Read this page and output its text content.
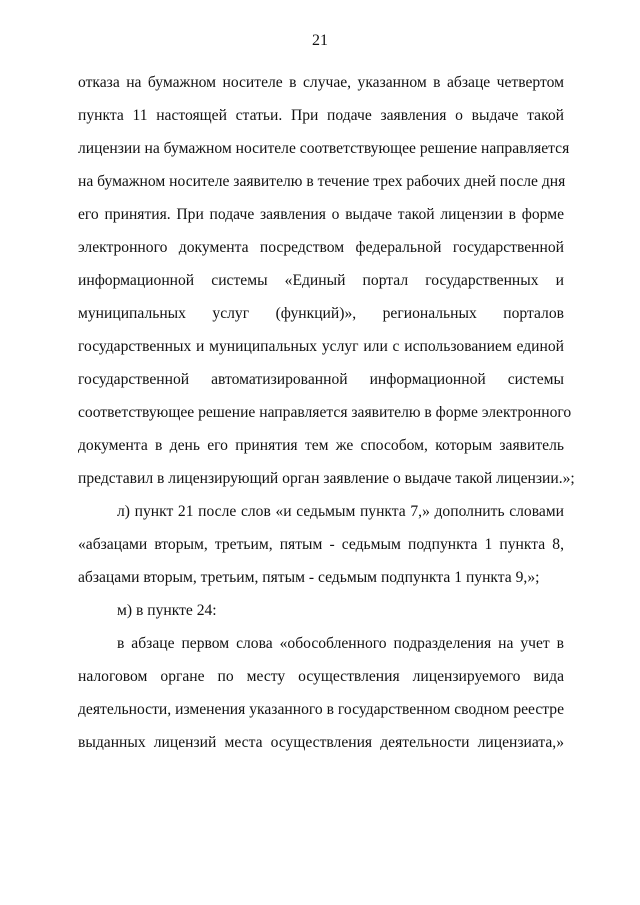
21
отказа на бумажном носителе в случае, указанном в абзаце четвертом
пункта 11 настоящей статьи. При подаче заявления о выдаче такой
лицензии на бумажном носителе соответствующее решение направляется
на бумажном носителе заявителю в течение трех рабочих дней после дня
его принятия. При подаче заявления о выдаче такой лицензии в форме
электронного документа посредством федеральной государственной
информационной системы «Единый портал государственных и
муниципальных услуг (функций)», региональных порталов
государственных и муниципальных услуг или с использованием единой
государственной автоматизированной информационной системы
соответствующее решение направляется заявителю в форме электронного
документа в день его принятия тем же способом, которым заявитель
представил в лицензирующий орган заявление о выдаче такой лицензии.»;
л) пункт 21 после слов «и седьмым пункта 7,» дополнить словами
«абзацами вторым, третьим, пятым - седьмым подпункта 1 пункта 8,
абзацами вторым, третьим, пятым - седьмым подпункта 1 пункта 9,»;
м) в пункте 24:
в абзаце первом слова «обособленного подразделения на учет в
налоговом органе по месту осуществления лицензируемого вида
деятельности, изменения указанного в государственном сводном реестре
выданных лицензий места осуществления деятельности лицензиата,»
